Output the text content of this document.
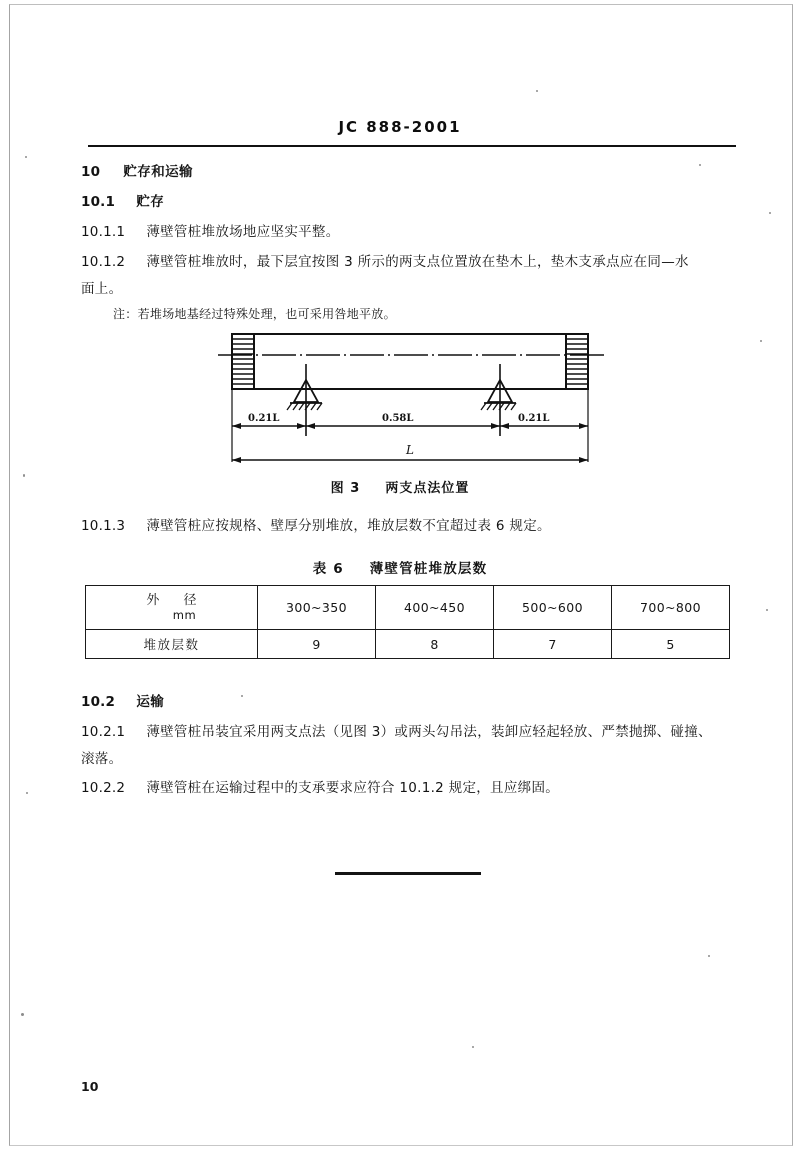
JC 888-2001
10 贮存和运输
10.1 贮存
10.1.1 薄壁管桩堆放场地应坚实平整。
10.1.2 薄壁管桩堆放时，最下层宜按图 3 所示的两支点位置放在垫木上，垫木支承点应在同—水
面上。
注：若堆场地基经过特殊处理，也可采用咎地平放。
0.21L	0.58L	0.21L
L
图 3 两支点法位置
10.1.3 薄壁管桩应按规格、壁厚分别堆放，堆放层数不宜超过表 6 规定。
表 6 薄壁管桩堆放层数
外 径
mm	300~350	400~450	500~600	700~800
堆放层数	9	8	7	5
10.2 运输
10.2.1 薄壁管桩吊装宜采用两支点法（见图 3）或两头勾吊法，装卸应轻起轻放、严禁抛掷、碰撞、
滚落。
10.2.2 薄壁管桩在运输过程中的支承要求应符合 10.1.2 规定，且应绑固。
10
